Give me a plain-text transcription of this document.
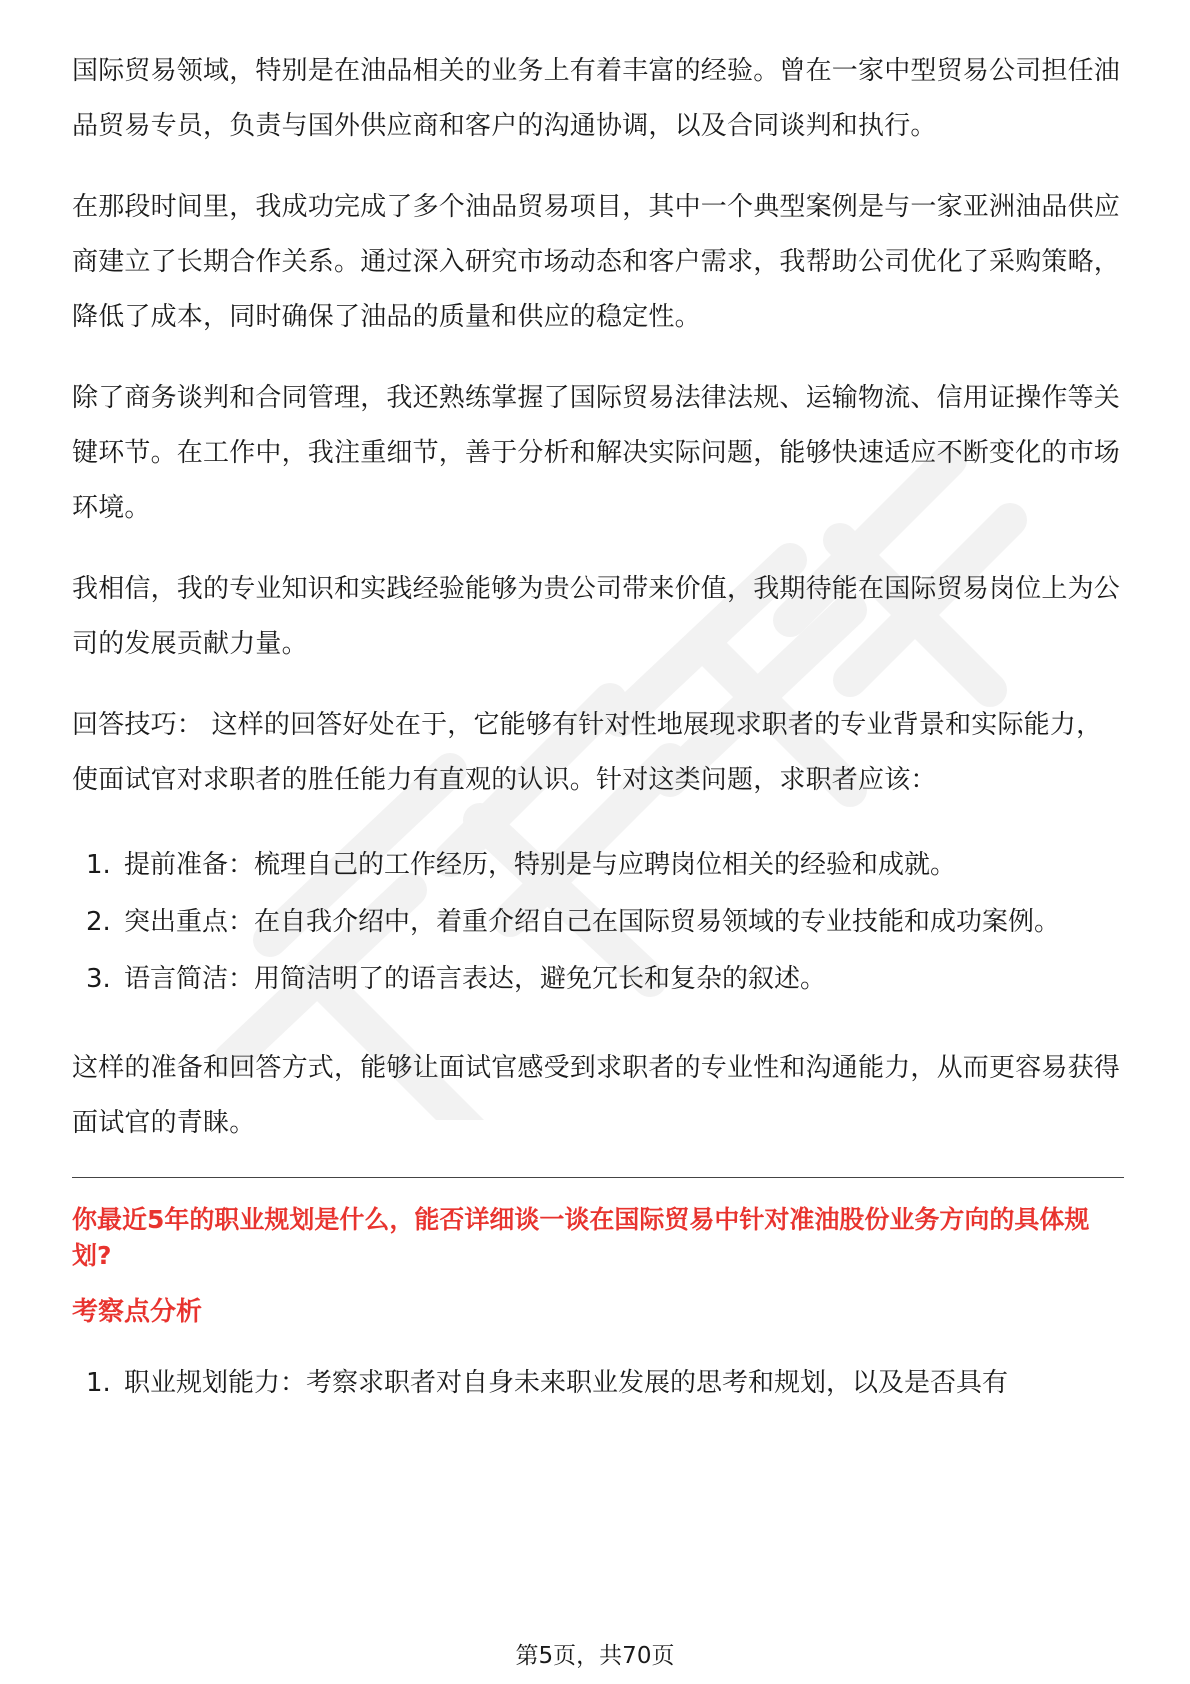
国际贸易领域，特别是在油品相关的业务上有着丰富的经验。曾在一家中型贸易公司担任油品贸易专员，负责与国外供应商和客户的沟通协调，以及合同谈判和执行。

在那段时间里，我成功完成了多个油品贸易项目，其中一个典型案例是与一家亚洲油品供应商建立了长期合作关系。通过深入研究市场动态和客户需求，我帮助公司优化了采购策略，降低了成本，同时确保了油品的质量和供应的稳定性。

除了商务谈判和合同管理，我还熟练掌握了国际贸易法律法规、运输物流、信用证操作等关键环节。在工作中，我注重细节，善于分析和解决实际问题，能够快速适应不断变化的市场环境。

我相信，我的专业知识和实践经验能够为贵公司带来价值，我期待能在国际贸易岗位上为公司的发展贡献力量。

回答技巧： 这样的回答好处在于，它能够有针对性地展现求职者的专业背景和实际能力，使面试官对求职者的胜任能力有直观的认识。针对这类问题，求职者应该：

1. 提前准备：梳理自己的工作经历，特别是与应聘岗位相关的经验和成就。
2. 突出重点：在自我介绍中，着重介绍自己在国际贸易领域的专业技能和成功案例。
3. 语言简洁：用简洁明了的语言表达，避免冗长和复杂的叙述。

这样的准备和回答方式，能够让面试官感受到求职者的专业性和沟通能力，从而更容易获得面试官的青睐。

你最近5年的职业规划是什么，能否详细谈一谈在国际贸易中针对准油股份业务方向的具体规划?

考察点分析

1. 职业规划能力：考察求职者对自身未来职业发展的思考和规划，以及是否具有
第5页，共70页
